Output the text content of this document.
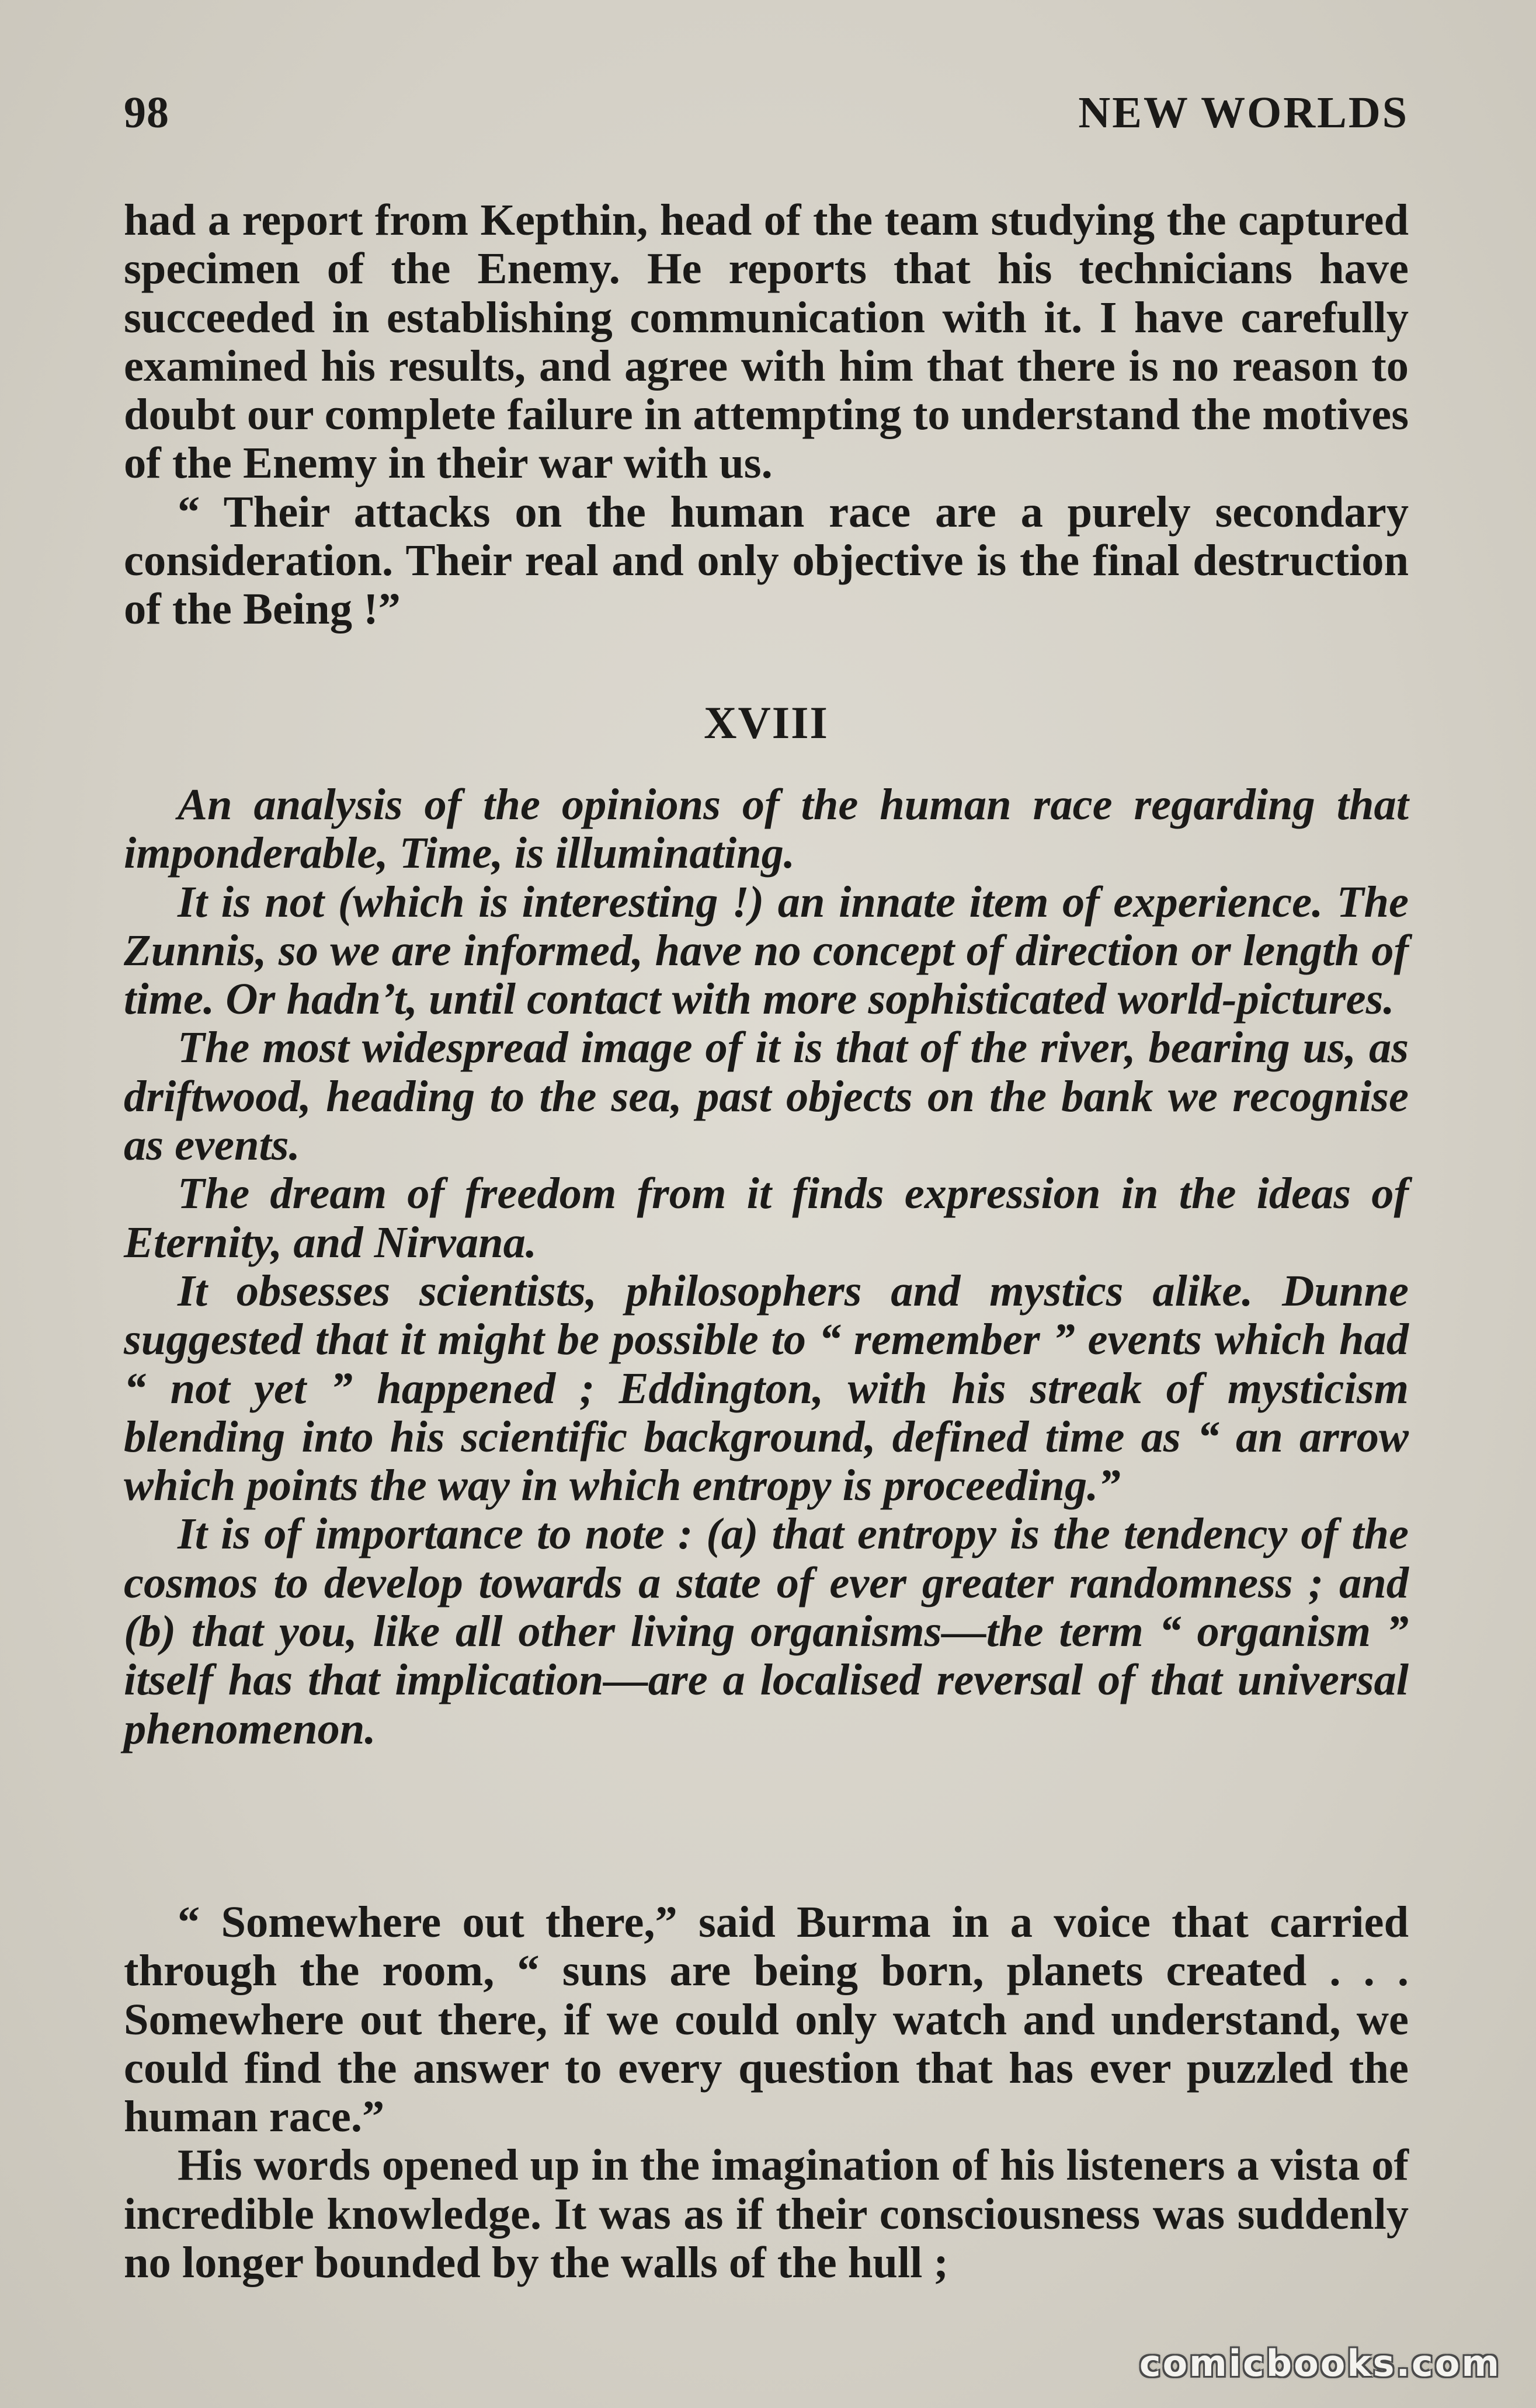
98	NEW WORLDS

had a report from Kepthin, head of the team studying the captured specimen of the Enemy. He reports that his technicians have succeeded in establishing communication with it. I have carefully examined his results, and agree with him that there is no reason to doubt our complete failure in attempting to understand the motives of the Enemy in their war with us.

“ Their attacks on the human race are a purely secondary consideration. Their real and only objective is the final destruction of the Being !”

XVIII

An analysis of the opinions of the human race regarding that imponderable, Time, is illuminating.

It is not (which is interesting !) an innate item of experience. The Zunnis, so we are informed, have no concept of direction or length of time. Or hadn’t, until contact with more sophisticated world-pictures.

The most widespread image of it is that of the river, bearing us, as driftwood, heading to the sea, past objects on the bank we recognise as events.

The dream of freedom from it finds expression in the ideas of Eternity, and Nirvana.

It obsesses scientists, philosophers and mystics alike. Dunne suggested that it might be possible to “ remember ” events which had “ not yet ” happened ; Eddington, with his streak of mysticism blending into his scientific background, defined time as “ an arrow which points the way in which entropy is proceeding.”

It is of importance to note : (a) that entropy is the tendency of the cosmos to develop towards a state of ever greater randomness ; and (b) that you, like all other living organisms—the term “ organism ” itself has that implication—are a localised reversal of that universal phenomenon.

“ Somewhere out there,” said Burma in a voice that carried through the room, “ suns are being born, planets created . . . Somewhere out there, if we could only watch and understand, we could find the answer to every question that has ever puzzled the human race.”

His words opened up in the imagination of his listeners a vista of incredible knowledge. It was as if their consciousness was suddenly no longer bounded by the walls of the hull ;

comicbooks.com
